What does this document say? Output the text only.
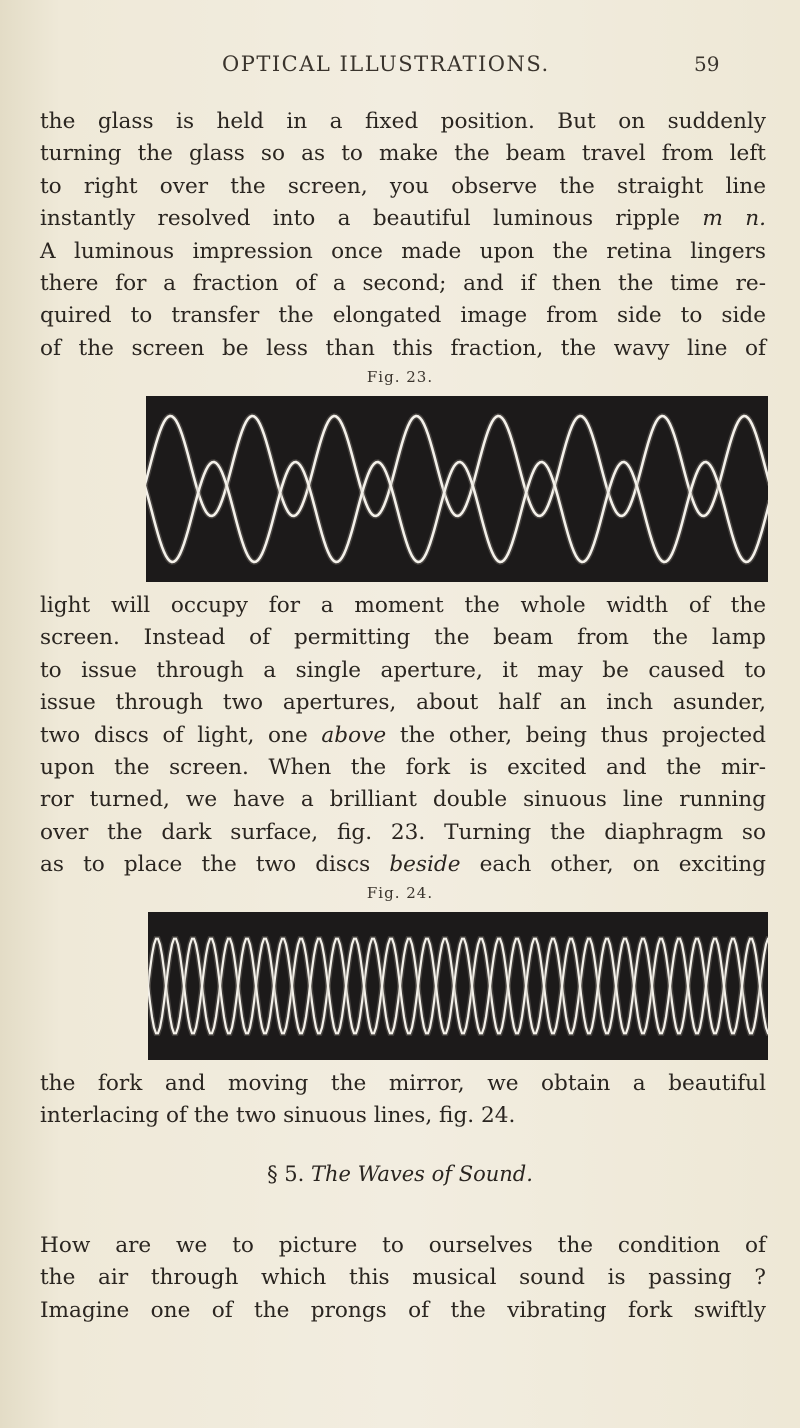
OPTICAL ILLUSTRATIONS.	59

the glass is held in a fixed position. But on suddenly
turning the glass so as to make the beam travel from left
to right over the screen, you observe the straight line
instantly resolved into a beautiful luminous ripple m n.
A luminous impression once made upon the retina lingers
there for a fraction of a second; and if then the time re-
quired to transfer the elongated image from side to side
of the screen be less than this fraction, the wavy line of

Fig. 23.

light will occupy for a moment the whole width of the
screen. Instead of permitting the beam from the lamp
to issue through a single aperture, it may be caused to
issue through two apertures, about half an inch asunder,
two discs of light, one above the other, being thus projected
upon the screen. When the fork is excited and the mir-
ror turned, we have a brilliant double sinuous line running
over the dark surface, fig. 23. Turning the diaphragm so
as to place the two discs beside each other, on exciting

Fig. 24.

the fork and moving the mirror, we obtain a beautiful
interlacing of the two sinuous lines, fig. 24.

§ 5. The Waves of Sound.

How are we to picture to ourselves the condition of
the air through which this musical sound is passing ?
Imagine one of the prongs of the vibrating fork swiftly
